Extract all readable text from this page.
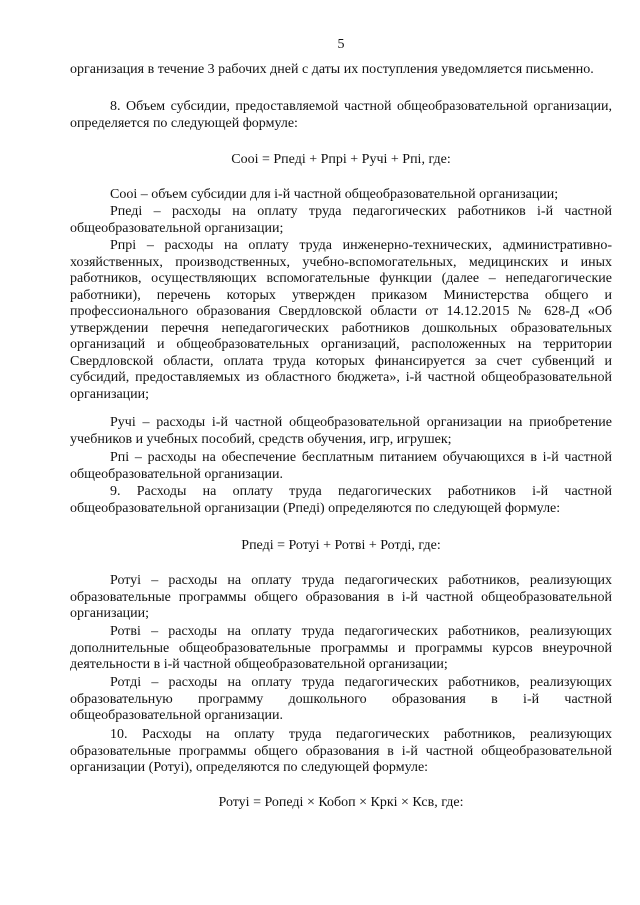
5
организация в течение 3 рабочих дней с даты их поступления уведомляется письменно.
8. Объем субсидии, предоставляемой частной общеобразовательной организации, определяется по следующей формуле:
Cooi = Рпедi + Рпрi + Ручi + Рпi, где:
Cooi – объем субсидии для i-й частной общеобразовательной организации;
Рпедi – расходы на оплату труда педагогических работников i-й частной общеобразовательной организации;
Рпрi – расходы на оплату труда инженерно-технических, административно-хозяйственных, производственных, учебно-вспомогательных, медицинских и иных работников, осуществляющих вспомогательные функции (далее – непедагогические работники), перечень которых утвержден приказом Министерства общего и профессионального образования Свердловской области от 14.12.2015 № 628-Д «Об утверждении перечня непедагогических работников дошкольных образовательных организаций и общеобразовательных организаций, расположенных на территории Свердловской области, оплата труда которых финансируется за счет субвенций и субсидий, предоставляемых из областного бюджета», i-й частной общеобразовательной организации;
Ручi – расходы i-й частной общеобразовательной организации на приобретение учебников и учебных пособий, средств обучения, игр, игрушек;
Рпi – расходы на обеспечение бесплатным питанием обучающихся в i-й частной общеобразовательной организации.
9. Расходы на оплату труда педагогических работников i-й частной общеобразовательной организации (Рпедi) определяются по следующей формуле:
Рпедi = Ротуi + Ротвi + Ротдi, где:
Ротуi – расходы на оплату труда педагогических работников, реализующих образовательные программы общего образования в i-й частной общеобразовательной организации;
Ротвi – расходы на оплату труда педагогических работников, реализующих дополнительные общеобразовательные программы и программы курсов внеурочной деятельности в i-й частной общеобразовательной организации;
Ротдi – расходы на оплату труда педагогических работников, реализующих образовательную программу дошкольного образования в i-й частной общеобразовательной организации.
10. Расходы на оплату труда педагогических работников, реализующих образовательные программы общего образования в i-й частной общеобразовательной организации (Ротуi), определяются по следующей формуле:
Ротуi = Ропедi × Кобоп × Кркi × Ксв, где:
